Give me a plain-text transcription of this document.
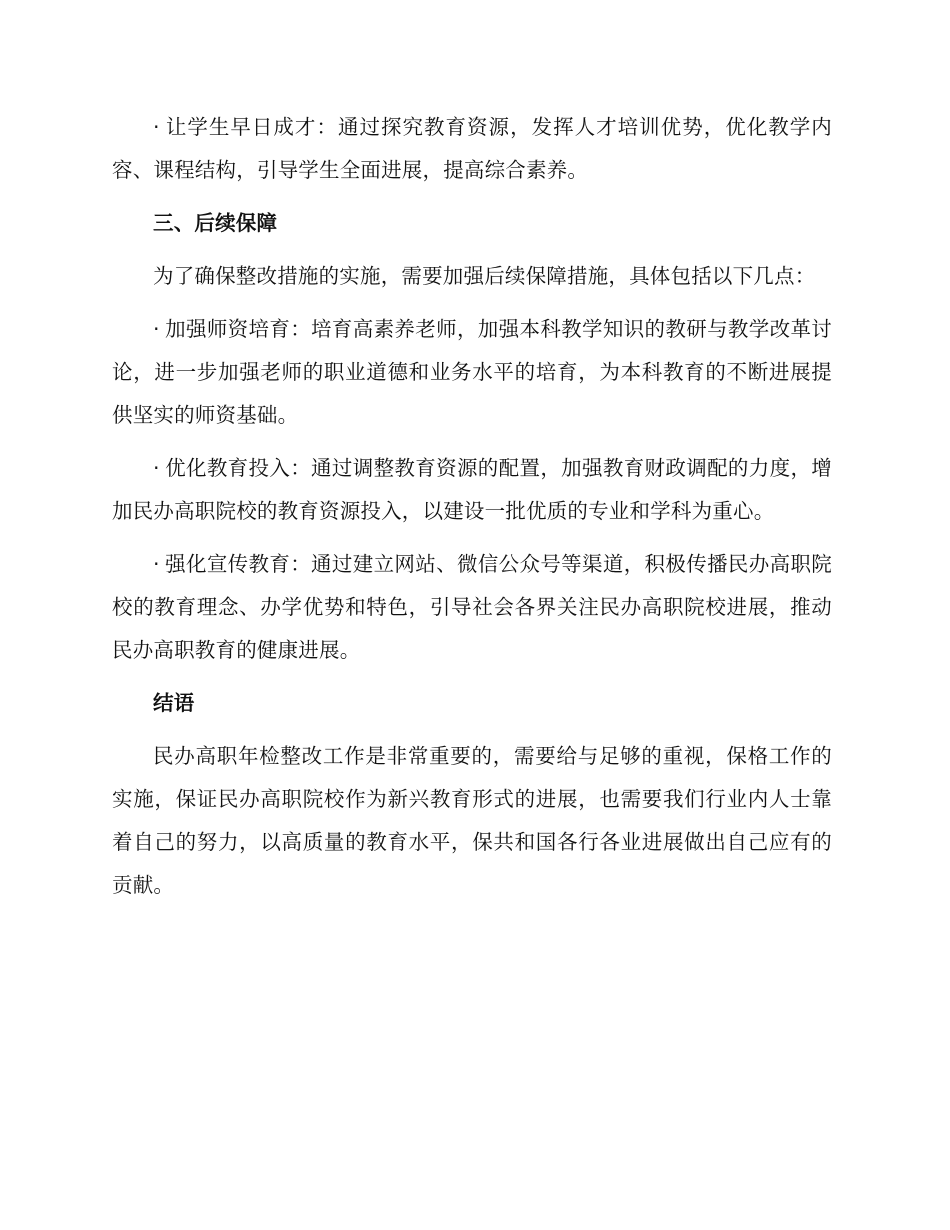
· 让学生早日成才：通过探究教育资源，发挥人才培训优势，优化教学内容、课程结构，引导学生全面进展，提高综合素养。

三、后续保障

为了确保整改措施的实施，需要加强后续保障措施，具体包括以下几点：

· 加强师资培育：培育高素养老师，加强本科教学知识的教研与教学改革讨论，进一步加强老师的职业道德和业务水平的培育，为本科教育的不断进展提供坚实的师资基础。

· 优化教育投入：通过调整教育资源的配置，加强教育财政调配的力度，增加民办高职院校的教育资源投入，以建设一批优质的专业和学科为重心。

· 强化宣传教育：通过建立网站、微信公众号等渠道，积极传播民办高职院校的教育理念、办学优势和特色，引导社会各界关注民办高职院校进展，推动民办高职教育的健康进展。

结语

民办高职年检整改工作是非常重要的，需要给与足够的重视，保格工作的实施，保证民办高职院校作为新兴教育形式的进展，也需要我们行业内人士靠着自己的努力，以高质量的教育水平，保共和国各行各业进展做出自己应有的贡献。
